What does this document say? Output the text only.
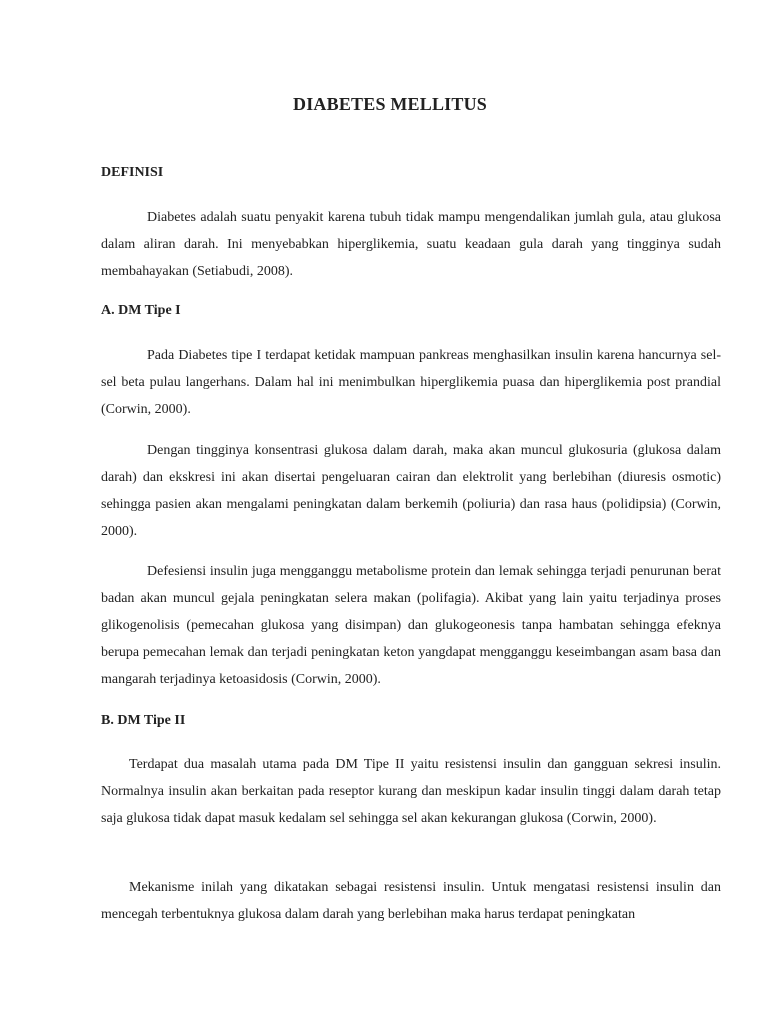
DIABETES MELLITUS
DEFINISI

Diabetes adalah suatu penyakit karena tubuh tidak mampu mengendalikan jumlah gula, atau glukosa dalam aliran darah. Ini menyebabkan hiperglikemia, suatu keadaan gula darah yang tingginya sudah membahayakan (Setiabudi, 2008).

A. DM Tipe I

Pada Diabetes tipe I terdapat ketidak mampuan pankreas menghasilkan insulin karena hancurnya sel-sel beta pulau langerhans. Dalam hal ini menimbulkan hiperglikemia puasa dan hiperglikemia post prandial (Corwin, 2000).

Dengan tingginya konsentrasi glukosa dalam darah, maka akan muncul glukosuria (glukosa dalam darah) dan ekskresi ini akan disertai pengeluaran cairan dan elektrolit yang berlebihan (diuresis osmotic) sehingga pasien akan mengalami peningkatan dalam berkemih (poliuria) dan rasa haus (polidipsia) (Corwin, 2000).

Defesiensi insulin juga mengganggu metabolisme protein dan lemak sehingga terjadi penurunan berat badan akan muncul gejala peningkatan selera makan (polifagia). Akibat yang lain yaitu terjadinya proses glikogenolisis (pemecahan glukosa yang disimpan) dan glukogeonesis tanpa hambatan sehingga efeknya berupa pemecahan lemak dan terjadi peningkatan keton yangdapat mengganggu keseimbangan asam basa dan mangarah terjadinya ketoasidosis (Corwin, 2000).

B. DM Tipe II

Terdapat dua masalah utama pada DM Tipe II yaitu resistensi insulin dan gangguan sekresi insulin. Normalnya insulin akan berkaitan pada reseptor kurang dan meskipun kadar insulin tinggi dalam darah tetap saja glukosa tidak dapat masuk kedalam sel sehingga sel akan kekurangan glukosa (Corwin, 2000).

Mekanisme inilah yang dikatakan sebagai resistensi insulin. Untuk mengatasi resistensi insulin dan mencegah terbentuknya glukosa dalam darah yang berlebihan maka harus terdapat peningkatan
